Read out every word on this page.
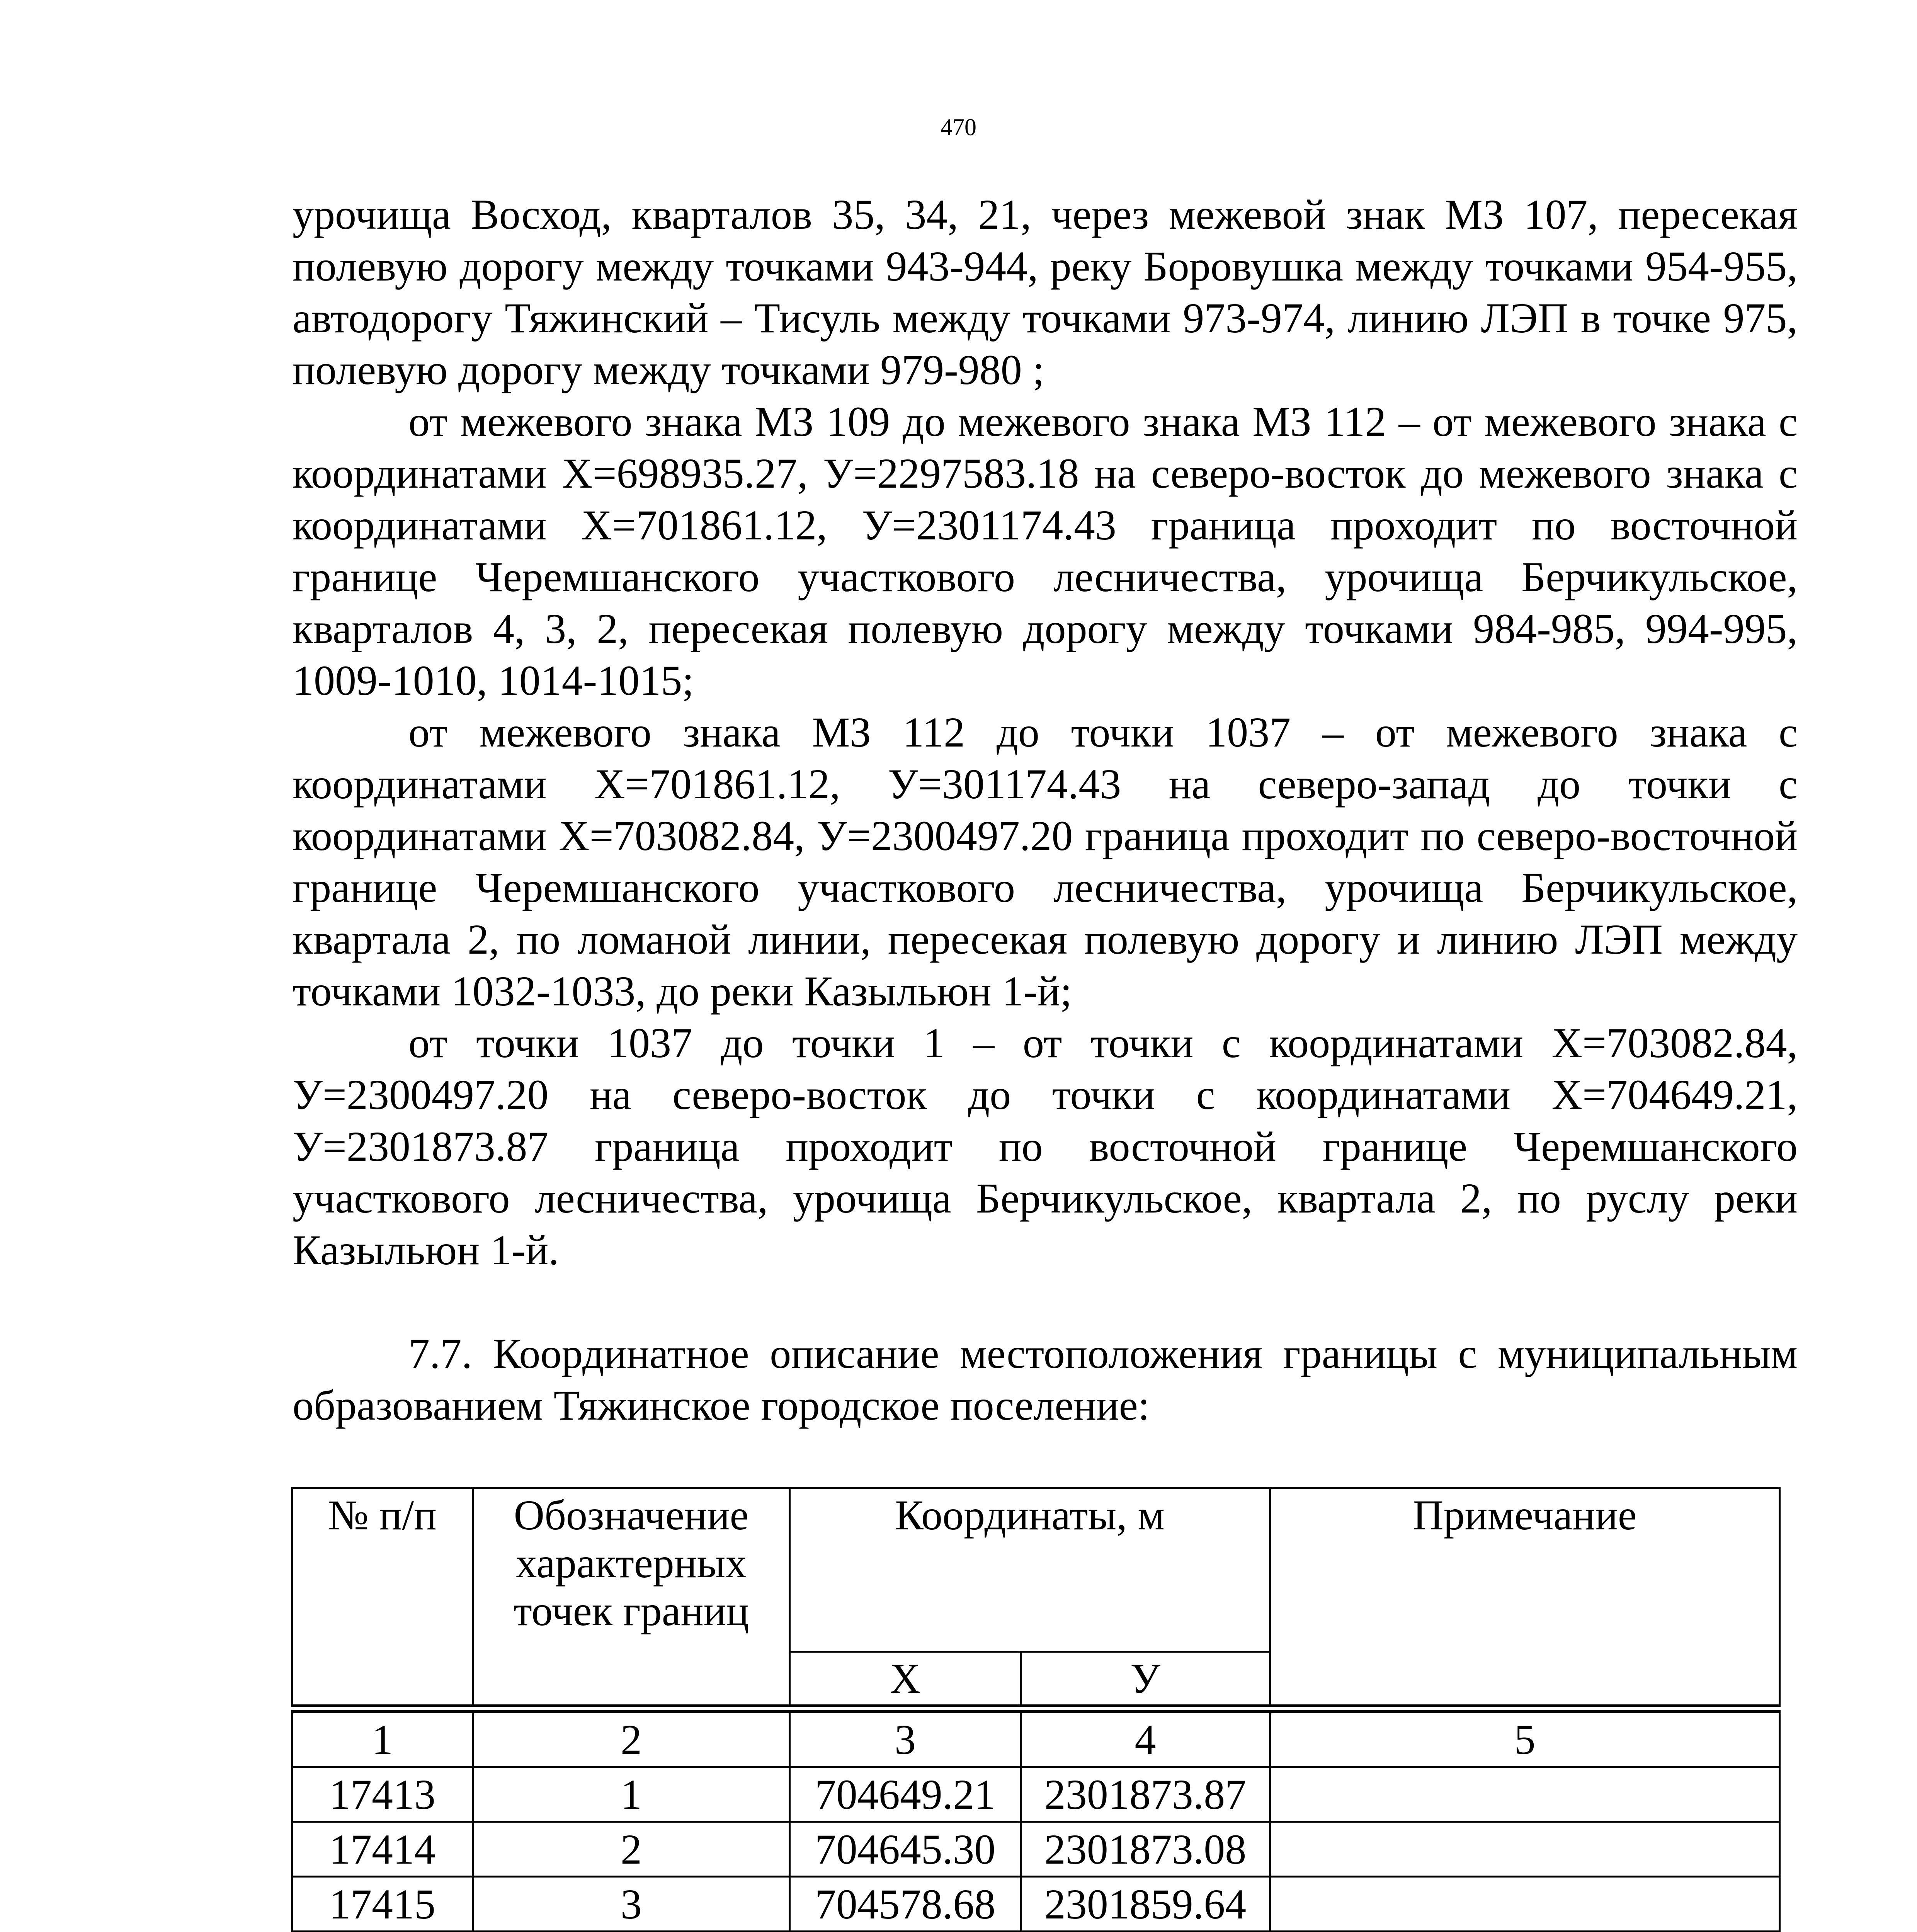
470

урочища Восход, кварталов 35, 34, 21, через межевой знак МЗ 107, пересекая полевую дорогу между точками 943-944, реку Боровушка между точками 954-955, автодорогу Тяжинский – Тисуль между точками 973-974, линию ЛЭП в точке 975, полевую дорогу между точками 979-980 ;

от межевого знака МЗ 109 до межевого знака МЗ 112 – от межевого знака с координатами Х=698935.27, У=2297583.18 на северо-восток до межевого знака с координатами Х=701861.12, У=2301174.43 граница проходит по восточной границе Черемшанского участкового лесничества, урочища Берчикульское, кварталов 4, 3, 2, пересекая полевую дорогу между точками 984-985, 994-995, 1009-1010, 1014-1015;

от межевого знака МЗ 112 до точки 1037 – от межевого знака с координатами Х=701861.12, У=301174.43 на северо-запад до точки с координатами Х=703082.84, У=2300497.20 граница проходит по северо-восточной границе Черемшанского участкового лесничества, урочища Берчикульское, квартала 2, по ломаной линии, пересекая полевую дорогу и линию ЛЭП между точками 1032-1033, до реки Казыльюн 1-й;

от точки 1037 до точки 1 – от точки с координатами Х=703082.84, У=2300497.20 на северо-восток до точки с координатами Х=704649.21, У=2301873.87 граница проходит по восточной границе Черемшанского участкового лесничества, урочища Берчикульское, квартала 2, по руслу реки Казыльюн 1-й.

7.7. Координатное описание местоположения границы с муниципальным образованием Тяжинское городское поселение:

№ п/п	Обозначение характерных точек границ	Координаты, м		Примечание
		Х	У	
1	2	3	4	5
17413	1	704649.21	2301873.87	
17414	2	704645.30	2301873.08	
17415	3	704578.68	2301859.64	
